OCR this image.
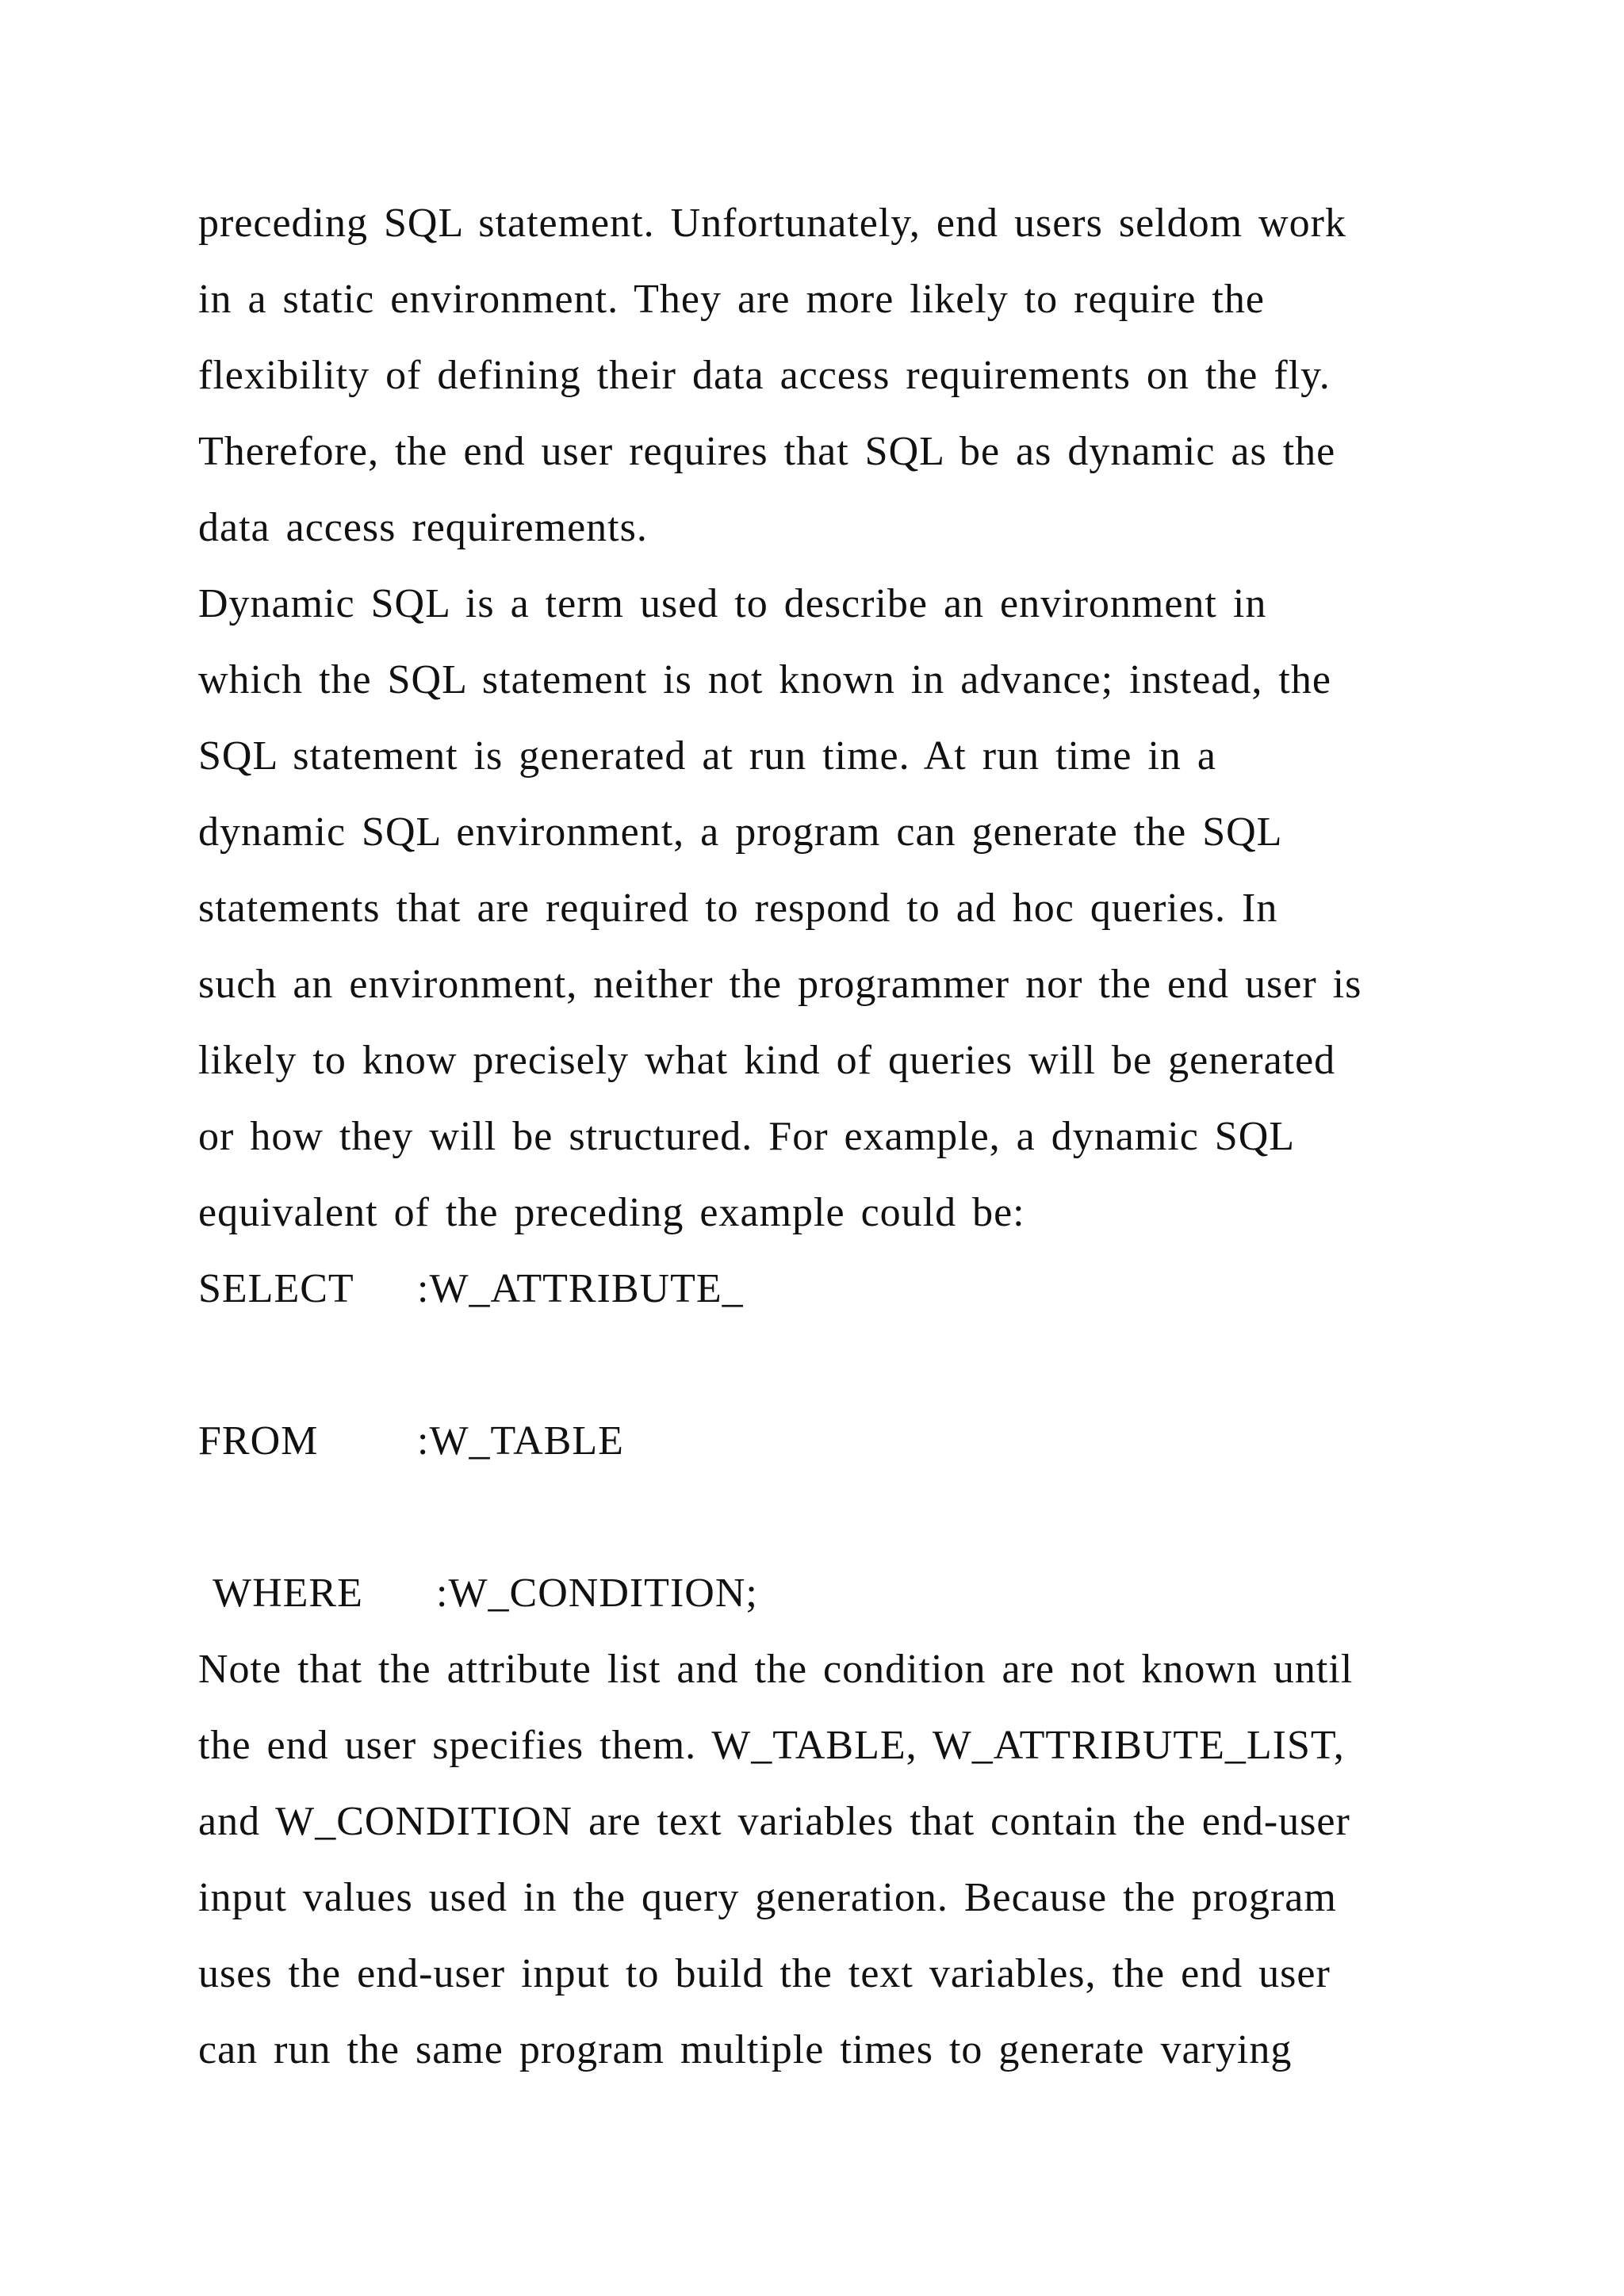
preceding SQL statement. Unfortunately, end users seldom work
in a static environment. They are more likely to require the
flexibility of defining their data access requirements on the fly.
Therefore, the end user requires that SQL be as dynamic as the
data access requirements.
Dynamic SQL is a term used to describe an environment in
which the SQL statement is not known in advance; instead, the
SQL statement is generated at run time. At run time in a
dynamic SQL environment, a program can generate the SQL
statements that are required to respond to ad hoc queries. In
such an environment, neither the programmer nor the end user is
likely to know precisely what kind of queries will be generated
or how they will be structured. For example, a dynamic SQL
equivalent of the preceding example could be:
SELECT :W_ATTRIBUTE_
FROM :W_TABLE
WHERE :W_CONDITION;
Note that the attribute list and the condition are not known until
the end user specifies them. W_TABLE, W_ATTRIBUTE_LIST,
and W_CONDITION are text variables that contain the end-user
input values used in the query generation. Because the program
uses the end-user input to build the text variables, the end user
can run the same program multiple times to generate varying
